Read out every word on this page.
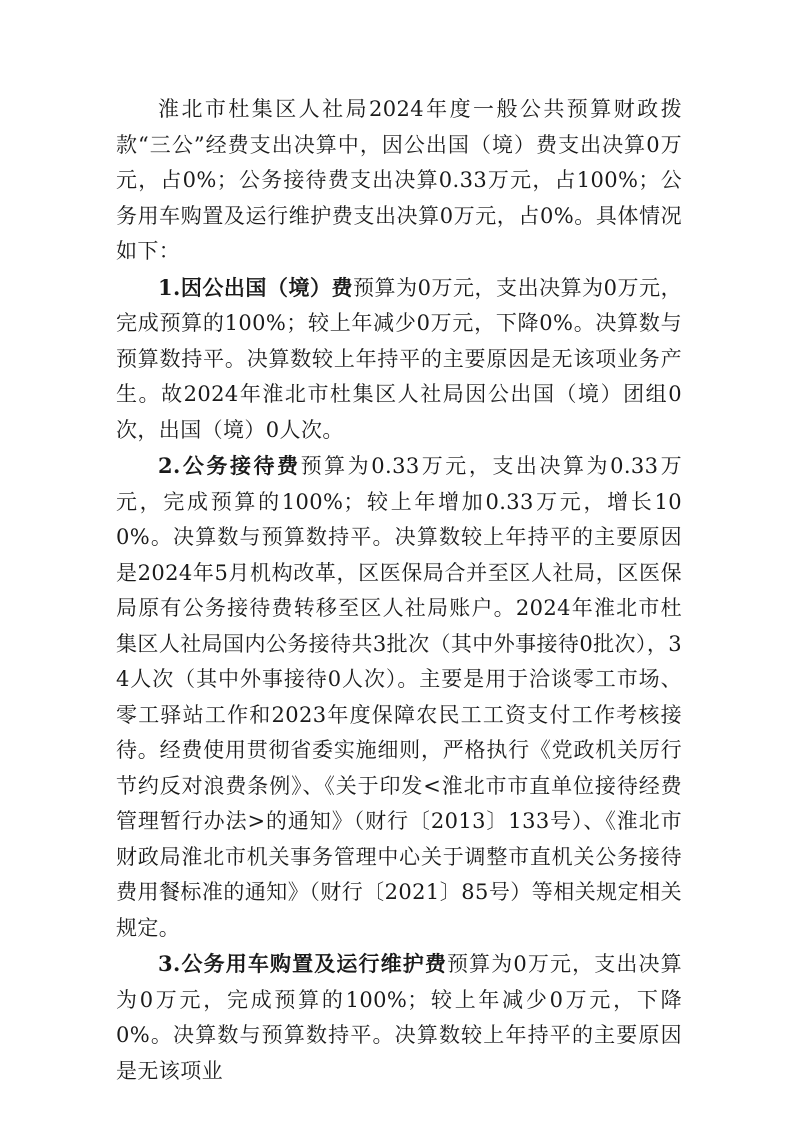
淮北市杜集区人社局2024年度一般公共预算财政拨款“三公”经费支出决算中，因公出国（境）费支出决算0万元，占0%；公务接待费支出决算0.33万元，占100%；公务用车购置及运行维护费支出决算0万元，占0%。具体情况如下：

1.因公出国（境）费预算为0万元，支出决算为0万元，完成预算的100%；较上年减少0万元，下降0%。决算数与预算数持平。决算数较上年持平的主要原因是无该项业务产生。故2024年淮北市杜集区人社局因公出国（境）团组0次，出国（境）0人次。

2.公务接待费预算为0.33万元，支出决算为0.33万元，完成预算的100%；较上年增加0.33万元，增长100%。决算数与预算数持平。决算数较上年持平的主要原因是2024年5月机构改革，区医保局合并至区人社局，区医保局原有公务接待费转移至区人社局账户。2024年淮北市杜集区人社局国内公务接待共3批次（其中外事接待0批次），34人次（其中外事接待0人次）。主要是用于洽谈零工市场、零工驿站工作和2023年度保障农民工工资支付工作考核接待。经费使用贯彻省委实施细则，严格执行《党政机关厉行节约反对浪费条例》、《关于印发<淮北市市直单位接待经费管理暂行办法>的通知》（财行〔2013〕133号）、《淮北市财政局淮北市机关事务管理中心关于调整市直机关公务接待费用餐标准的通知》（财行〔2021〕85号）等相关规定相关规定。

3.公务用车购置及运行维护费预算为0万元，支出决算为0万元，完成预算的100%；较上年减少0万元，下降0%。决算数与预算数持平。决算数较上年持平的主要原因是无该项业
